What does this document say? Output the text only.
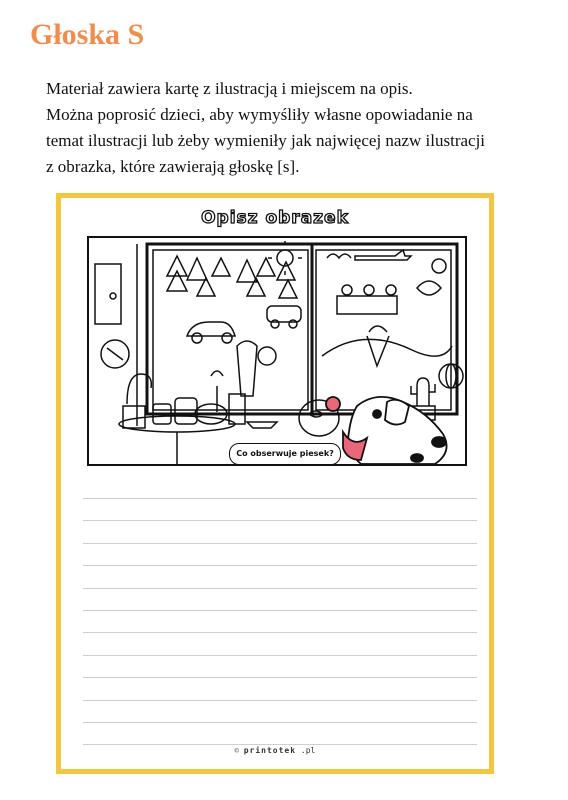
Głoska S
Materiał zawiera kartę z ilustracją i miejscem na opis.
Można poprosić dzieci, aby wymyśliły własne opowiadanie na
temat ilustracji lub żeby wymieniły jak najwięcej nazw ilustracji
z obrazka, które zawierają głoskę [s].
Opisz obrazek
Co obserwuje piesek?
© printotek .pl
